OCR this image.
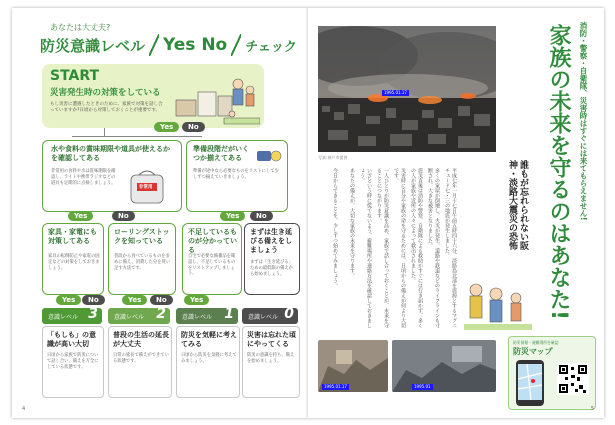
あなたは大丈夫?
防災意識レベル Yes No チェック
START
災害発生時の対策をしている
もし災害に遭遇したときのために、家族で対策を話し合っていますか?日頃から対策しておくことが重要です。
Yes	No
水や食料の賞味期限や道具が使えるかを確認してある
非常用の食料や水は賞味期限を確認し、ライトや携帯ラジオなどの道具も定期的に点検しましょう。
非常用
準備段階だがいくつか揃えてある
準備が途中なら必要なものをリストにして少しずつ揃えていきましょう。
Yes	No	Yes	No
家具・家電にも対策してある
家具の転倒防止や家電の固定などの対策をしておきましょう。
ローリングストックを知っている
普段から食べているものを多めに備え、消費した分を買い足す方法です。
不足しているものが分かっている
自宅で必要な備蓄品を確認し、不足しているものをリストアップしましょう。
まずは生き延びる備えをしましょう
まずは「生き延びる」ための最低限の備えから始めましょう。
Yes	No	Yes	No	Yes
意識レベル 3	意識レベル 2	意識レベル 1 意識レベル 0
「もしも」の意識が高い大切
日頃から家族で防災について話し合い、備えを万全にしている状態です。
普段の生活の延長が大丈夫
日常の延長で備えができている状態です。
防災を気軽に考えてみる
日頃から防災を気軽に考えてみましょう。
災害は忘れた頃にやってくる
防災の意識を持ち、備えを始めましょう。
4
1995.01.17
写真:神戸市提供	消防・警察・自衛隊、災害時はすぐには来てもらえません!
家族の未来を守るのはあなた!
平成七年一月十七日午前五時四十六分、淡路島北部を震源とするマグニチュード七・三の地震が発生しました。
多くの家屋が倒壊し、火災が発生。道路や鉄道などのライフラインも寸断され、大きな被害となりました。
震災直後は消防や警察、自衛隊による救助がすぐには行き届かず、多くの人が家族や近所の人々によって救出されました。
災害時に自分や家族の命を守るためには、日頃からの備えが何より大切です。
一人ひとりが防災意識を高め、家族で話し合っておくことが、未来を守ることにつながります。
いざという時に慌てないよう、避難場所や連絡方法を確認しておきましょう。
あなたの備えが、大切な家族の未来を守ります。
今日からできることを、少しずつ始めてみましょう。	誰もが忘れられない阪神・淡路大震災の恐怖
1995.01.17	1995.01
防災情報・避難場所を確認
防災マップ
5
